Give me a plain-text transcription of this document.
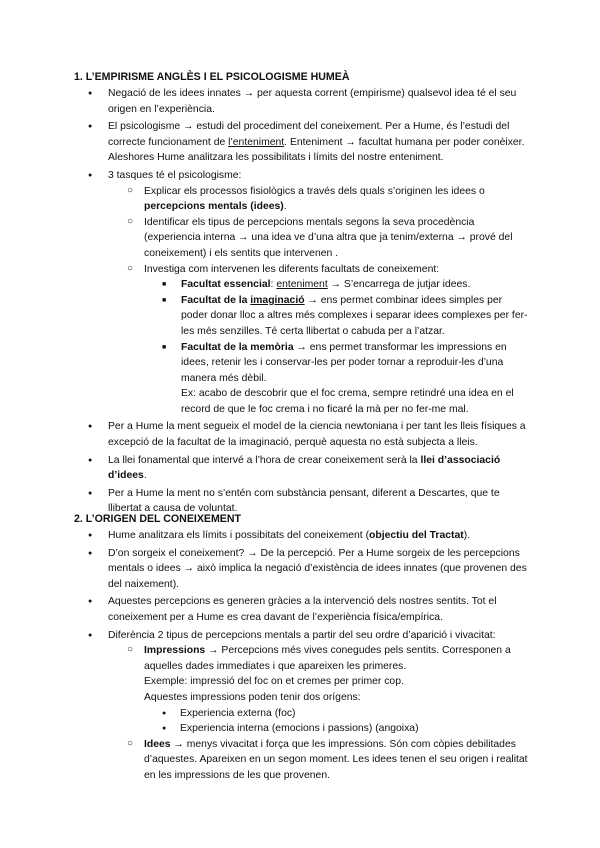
1. L’EMPIRISME ANGLÈS I EL PSICOLOGISME HUMEÀ
● Negació de les idees innates → per aquesta corrent (empirisme) qualsevol idea té el seu origen en l’experiència.
● El psicologisme → estudi del procediment del coneixement. Per a Hume, és l’estudi del correcte funcionament de l’enteniment. Enteniment → facultat humana per poder conèixer. Aleshores Hume analitzara les possibilitats i límits del nostre enteniment.
● 3 tasques té el psicologisme:
○ Explicar els processos fisiològics a través dels quals s’originen les idees o percepcions mentals (idees).
○ Identificar els tipus de percepcions mentals segons la seva procedència (experiencia interna → una idea ve d’una altra que ja tenim/externa → prové del coneixement) i els sentits que intervenen .
○ Investiga com intervenen les diferents facultats de coneixement:
■ Facultat essencial: enteniment → S’encarrega de jutjar idees.
■ Facultat de la imaginació → ens permet combinar idees simples per poder donar lloc a altres més complexes i separar idees complexes per fer-les més senzilles. Té certa llibertat o cabuda per a l’atzar.
■ Facultat de la memòria → ens permet transformar les impressions en idees, retenir les i conservar-les per poder tornar a reproduir-les d’una manera més dèbil.
Ex: acabo de descobrir que el foc crema, sempre retindré una idea en el record de que le foc crema i no ficaré la mà per no fer-me mal.
● Per a Hume la ment segueix el model de la ciencia newtoniana i per tant les lleis físiques a excepció de la facultat de la imaginació, perquè aquesta no està subjecta a lleis.
● La llei fonamental que intervé a l’hora de crear coneixement serà la llei d’associació d’idees.
● Per a Hume la ment no s’entén com substància pensant, diferent a Descartes, que te llibertat a causa de voluntat.
2. L’ORIGEN DEL CONEIXEMENT
● Hume analitzara els límits i possibitats del coneixement (objectiu del Tractat).
● D’on sorgeix el coneixement? → De la percepció. Per a Hume sorgeix de les percepcions mentals o idees → això implica la negació d’existència de idees innates (que provenen des del naixement).
● Aquestes percepcions es generen gràcies a la intervenció dels nostres sentits. Tot el coneixement per a Hume es crea davant de l’experiència física/empírica.
● Diferència 2 tipus de percepcions mentals a partir del seu ordre d’aparició i vivacitat:
○ Impressions → Percepcions més vives conegudes pels sentits. Corresponen a aquelles dades immediates i que apareixen les primeres.
Exemple: impressió del foc on et cremes per primer cop.
Aquestes impressions poden tenir dos orígens:
● Experiencia externa (foc)
● Experiencia interna (emocions i passions) (angoixa)
○ Idees → menys vivacitat i força que les impressions. Són com còpies debilitades d’aquestes. Apareixen en un segon moment. Les idees tenen el seu origen i realitat en les impressions de les que provenen.
